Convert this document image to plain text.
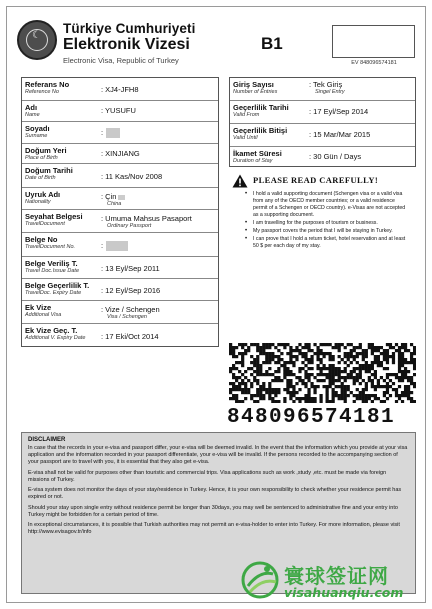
☾ Türkiye Cumhuriyeti
Elektronik Vizesi
Electronic Visa, Republic of Turkey
B1
EV 848096574181
Referans No
Reference No	: XJ4-JFH8
Adı
Name	: YUSUFU
Soyadı
Surname	:
Doğum Yeri
Place of Birth	: XINJIANG
Doğum Tarihi
Date of Birth	: 11 Kas/Nov 2008
Uyruk Adı
Nationality
: Çin
China
Seyahat Belgesi
TravelDocument
: Umuma Mahsus Pasaport
Ordinary Passport
Belge No
TravelDocument No.	:
Belge Veriliş T.
Travel Doc.Issue Date	: 13 Eyl/Sep 2011
Belge Geçerlilik T.
TravelDoc. Expiry Date	: 12 Eyl/Sep 2016
Ek Vize
Additional Visa
: Vize / Schengen
Visa / Schengen
Ek Vize Geç. T.
Additional V. Expiry Date : 17 Eki/Oct 2014
Giriş Sayısı
Number of Entries
: Tek Giriş
Singel Entry
Geçerlilik Tarihi
Valid From	: 17 Eyl/Sep 2014
Geçerlilik Bitişi
Valid Until	: 15 Mar/Mar 2015
İkamet Süresi
Duration of Stay	: 30 Gün / Days
PLEASE READ CAREFULLY!
• I hold a valid supporting document (Schengen visa or a valid visa from any of the OECD member countries; or a valid residence permit of a Schengen or OECD country). e-Visas are not accepted as a supporting document.
• I am travelling for the purposes of tourism or business.
• My passport covers the period that I will be staying in Turkey.
• I can prove that I hold a return ticket, hotel reservation and at least 50 $ per each day of my stay.
848096574181
DISCLAIMER

In case that the records in your e-visa and passport differ, your e-visa will be deemed invalid. In the event that the information which you provide at your visa application and the information recorded in your passport differentiate, your e-visa will be invalid. If the persons recorded to the accompanying section of your passport are to travel with you, it is essential that they also get e-visa.

E-visa shall not be valid for purposes other than touristic and commercial trips. Visa applications such as work ,study ,etc. must be made via foreign missions of Turkey.

E-visa system does not monitor the days of your stay/residence in Turkey. Hence, it is your own responsibility to check whether your residence permit has expired or not.

Should your stay upon single entry without residence permit be longer than 30days, you may well be sentenced to administrative fine and your entry into Turkey might be forbidden for a certain period of time.

In exceptional circumstances, it is possible that Turkish authorities may not permit an e-visa-holder to enter into Turkey. For more information, please visit http://www.evisagov.tr/info

寰球签证网
visahuanqiu.com
